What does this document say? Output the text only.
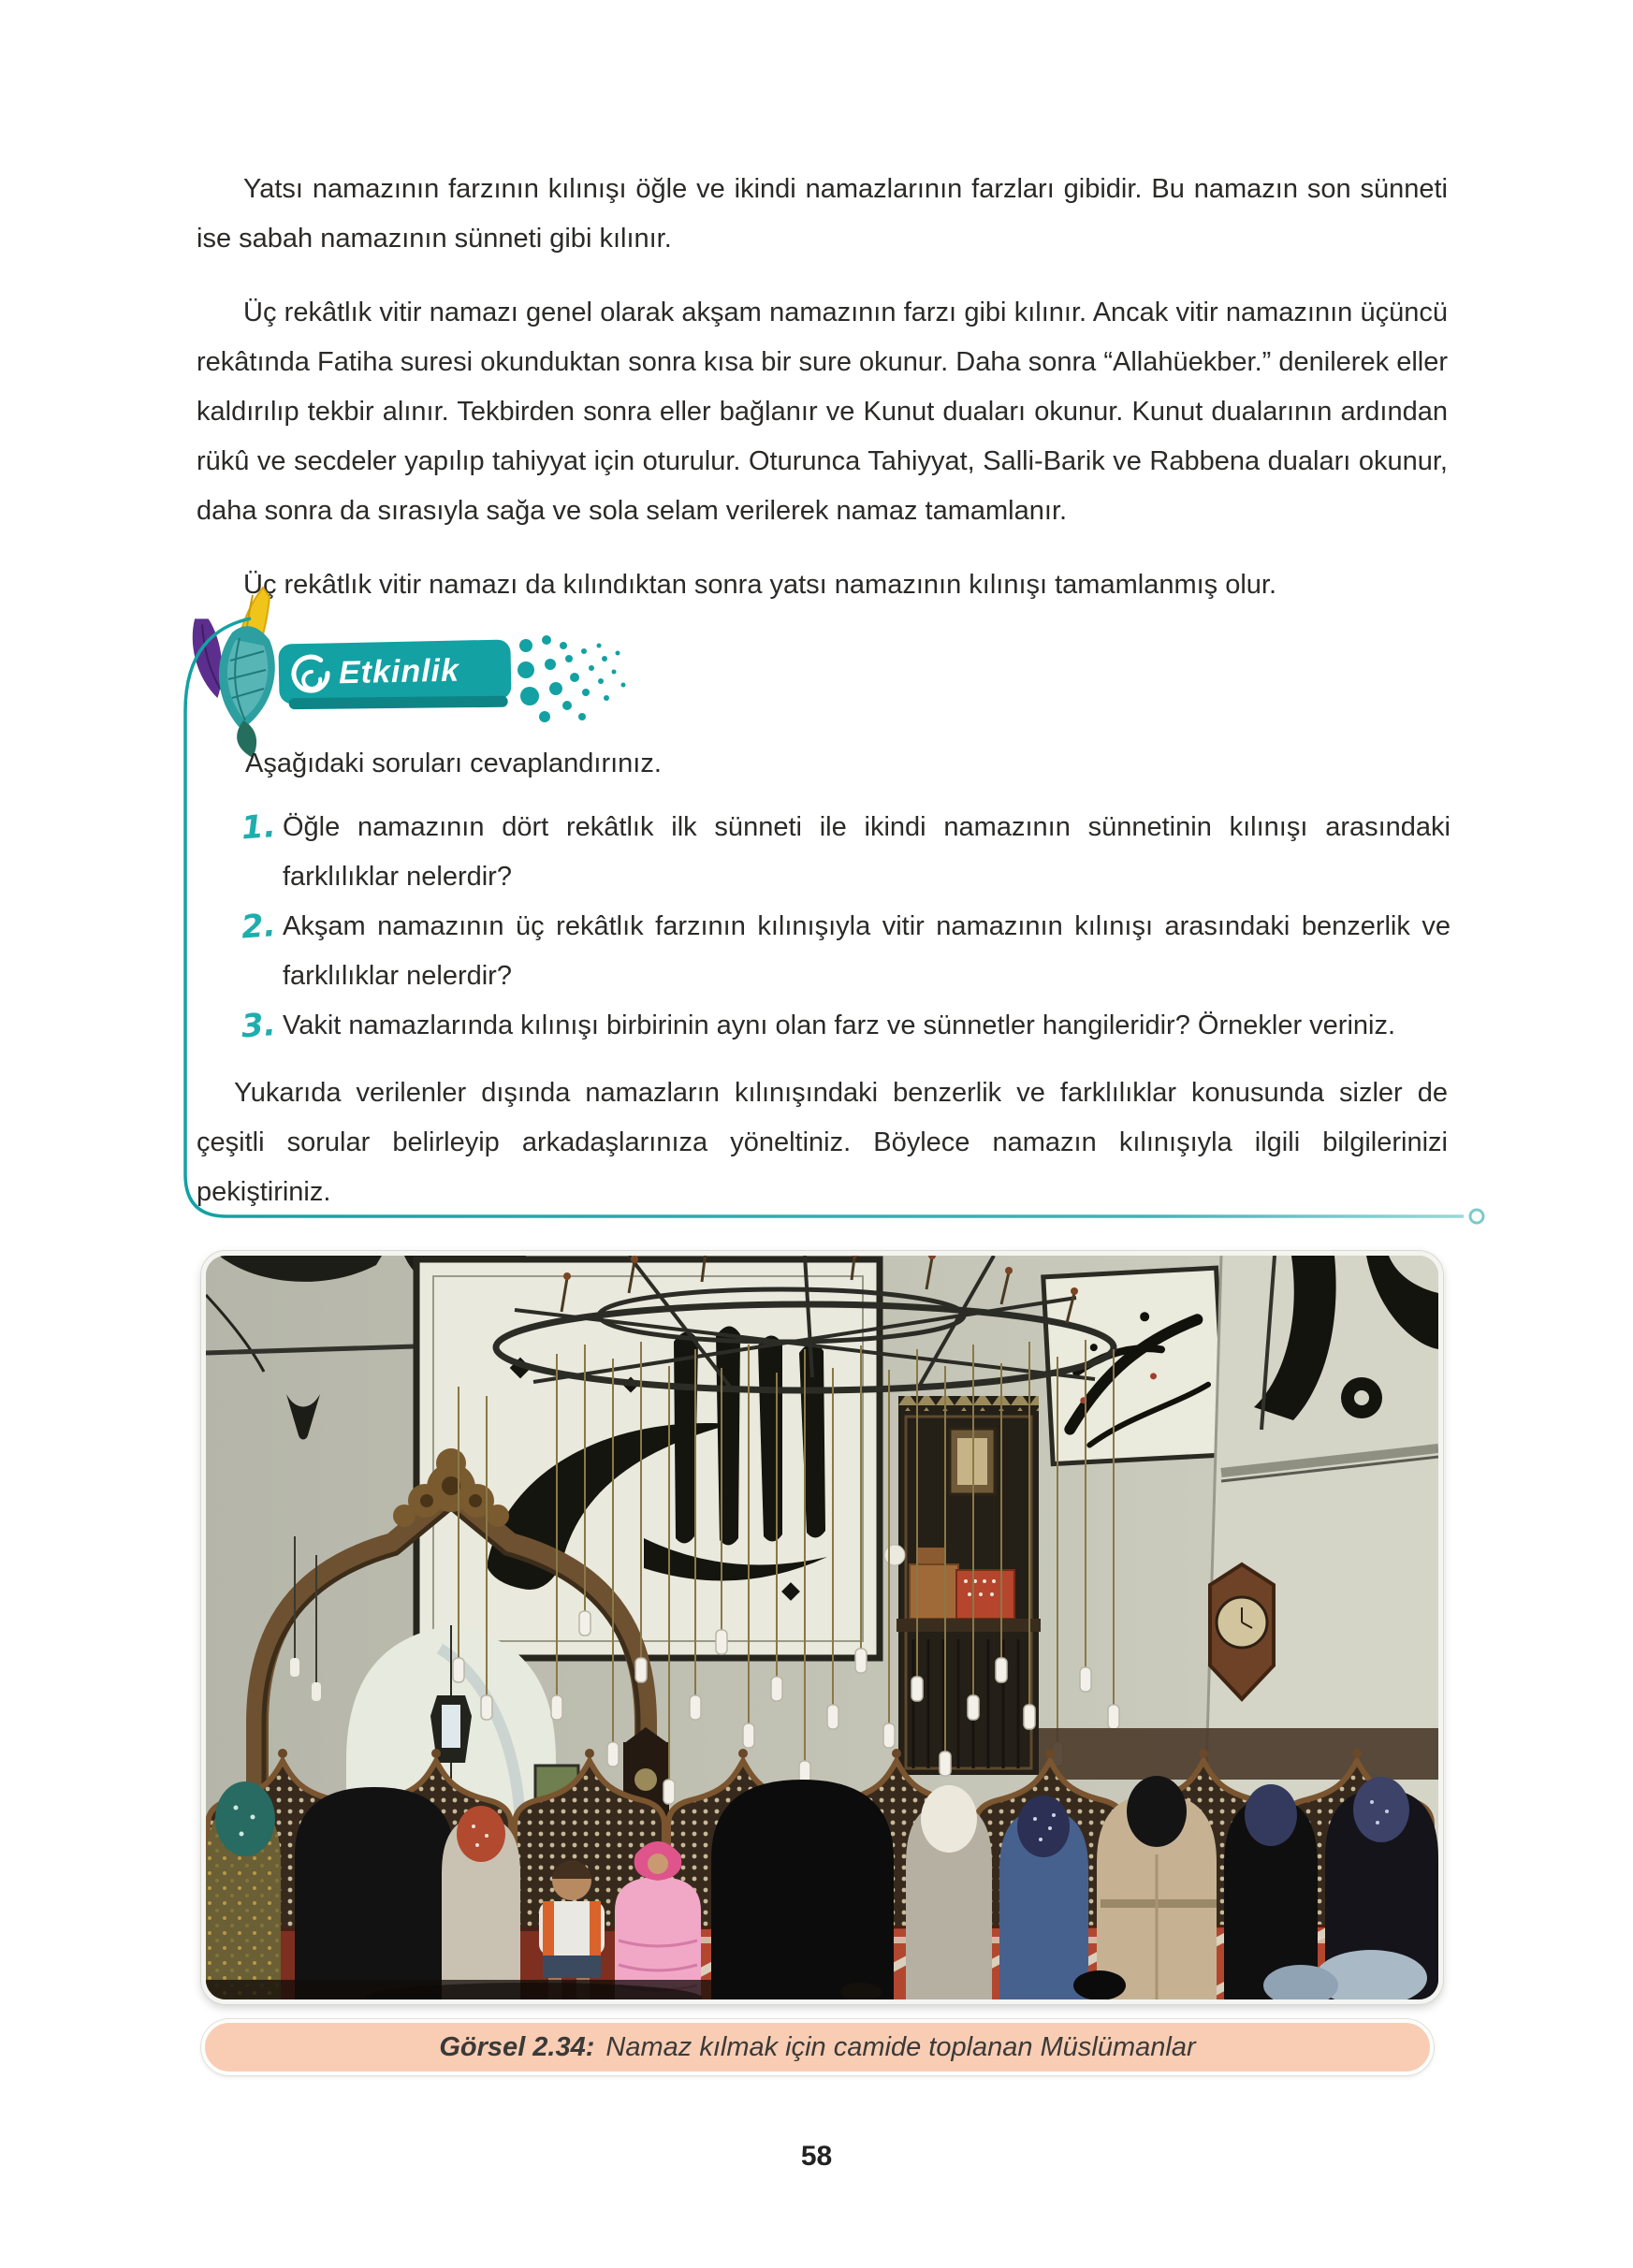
Yatsı namazının farzının kılınışı öğle ve ikindi namazlarının farzları gibidir. Bu namazın son sünneti ise sabah namazının sünneti gibi kılınır.

Üç rekâtlık vitir namazı genel olarak akşam namazının farzı gibi kılınır. Ancak vitir namazının üçüncü rekâtında Fatiha suresi okunduktan sonra kısa bir sure okunur. Daha sonra “Allahüekber.” denilerek eller kaldırılıp tekbir alınır. Tekbirden sonra eller bağlanır ve Kunut duaları okunur. Kunut dualarının ardından rükû ve secdeler yapılıp tahiyyat için oturulur. Oturunca Tahiyyat, Salli-Barik ve Rabbena duaları okunur, daha sonra da sırasıyla sağa ve sola selam verilerek namaz tamamlanır.

Üç rekâtlık vitir namazı da kılındıktan sonra yatsı namazının kılınışı tamamlanmış olur.

Etkinlik

Aşağıdaki soruları cevaplandırınız.

1. Öğle namazının dört rekâtlık ilk sünneti ile ikindi namazının sünnetinin kılınışı arasındaki farklılıklar nelerdir?
2. Akşam namazının üç rekâtlık farzının kılınışıyla vitir namazının kılınışı arasındaki benzerlik ve farklılıklar nelerdir?
3. Vakit namazlarında kılınışı birbirinin aynı olan farz ve sünnetler hangileridir? Örnekler veriniz.

Yukarıda verilenler dışında namazların kılınışındaki benzerlik ve farklılıklar konusunda sizler de çeşitli sorular belirleyip arkadaşlarınıza yöneltiniz. Böylece namazın kılınışıyla ilgili bilgilerinizi pekiştiriniz.

Görsel 2.34: Namaz kılmak için camide toplanan Müslümanlar
58
